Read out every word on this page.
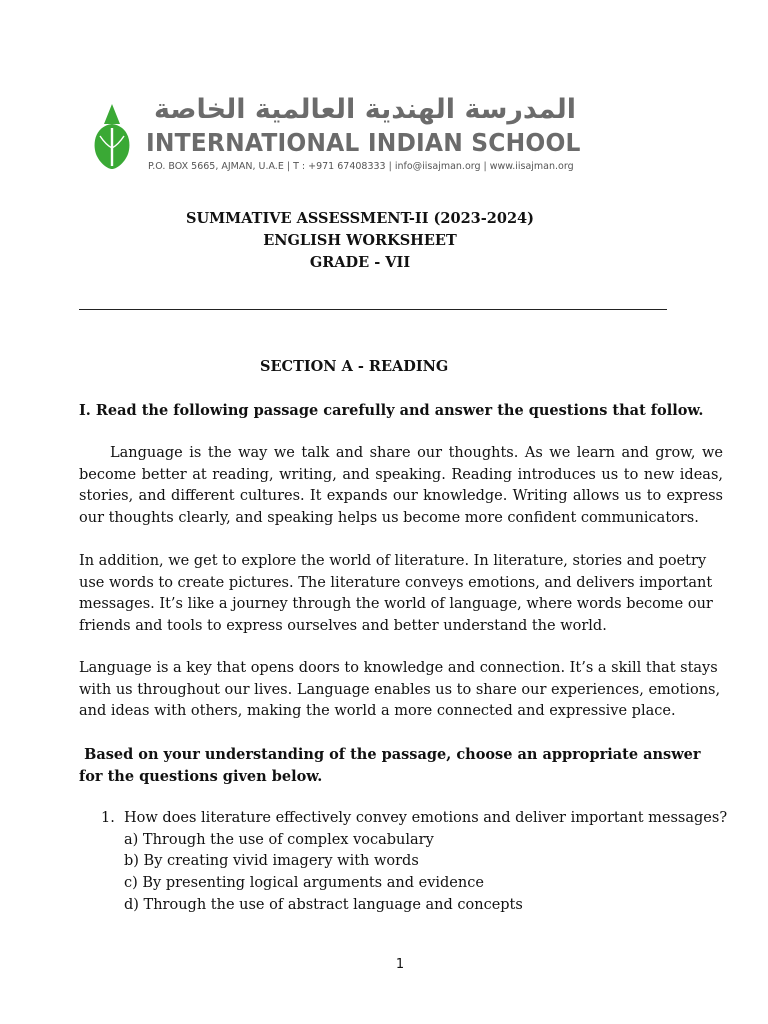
المدرسة الهندية العالمية الخاصة
INTERNATIONAL INDIAN SCHOOL
P.O. BOX 5665, AJMAN, U.A.E | T : +971 67408333 | info@iisajman.org | www.iisajman.org
SUMMATIVE ASSESSMENT-II (2023-2024)
ENGLISH WORKSHEET
GRADE - VII
SECTION A - READING
I. Read the following passage carefully and answer the questions that follow.

Language is the way we talk and share our thoughts. As we learn and grow, we become better at reading, writing, and speaking. Reading introduces us to new ideas, stories, and different cultures. It expands our knowledge. Writing allows us to express our thoughts clearly, and speaking helps us become more confident communicators.

In addition, we get to explore the world of literature. In literature, stories and poetry use words to create pictures. The literature conveys emotions, and delivers important messages. It’s like a journey through the world of language, where words become our friends and tools to express ourselves and better understand the world.

Language is a key that opens doors to knowledge and connection. It’s a skill that stays with us throughout our lives. Language enables us to share our experiences, emotions, and ideas with others, making the world a more connected and expressive place.

Based on your understanding of the passage, choose an appropriate answer for the questions given below.

1. How does literature effectively convey emotions and deliver important messages?
a) Through the use of complex vocabulary
b) By creating vivid imagery with words
c) By presenting logical arguments and evidence
d) Through the use of abstract language and concepts
1
